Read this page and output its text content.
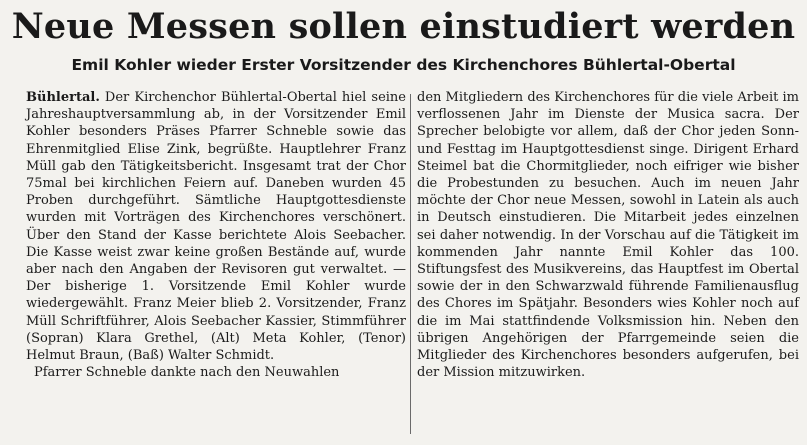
Neue Messen sollen einstudiert werden
Emil Kohler wieder Erster Vorsitzender des Kirchenchores Bühlertal-Obertal

Bühlertal. Der Kirchenchor Bühlertal-Obertal hiel seine Jahreshauptversammlung ab, in der Vorsitzender Emil Kohler besonders Präses Pfarrer Schneble sowie das Ehrenmitglied Elise Zink, begrüßte. Hauptlehrer Franz Müll gab den Tätigkeitsbericht. Insgesamt trat der Chor 75mal bei kirchlichen Feiern auf. Daneben wurden 45 Proben durchgeführt. Sämtliche Hauptgottesdienste wurden mit Vorträgen des Kirchenchores verschönert. Über den Stand der Kasse berichtete Alois Seebacher. Die Kasse weist zwar keine großen Bestände auf, wurde aber nach den Angaben der Revisoren gut verwaltet. — Der bisherige 1. Vorsitzende Emil Kohler wurde wiedergewählt. Franz Meier blieb 2. Vorsitzender, Franz Müll Schriftführer, Alois Seebacher Kassier, Stimmführer (Sopran) Klara Grethel, (Alt) Meta Kohler, (Tenor) Helmut Braun, (Baß) Walter Schmidt.

Pfarrer Schneble dankte nach den Neuwahlen

den Mitgliedern des Kirchenchores für die viele Arbeit im verflossenen Jahr im Dienste der Musica sacra. Der Sprecher belobigte vor allem, daß der Chor jeden Sonn- und Festtag im Hauptgottesdienst singe. Dirigent Erhard Steimel bat die Chormitglieder, noch eifriger wie bisher die Probestunden zu besuchen. Auch im neuen Jahr möchte der Chor neue Messen, sowohl in Latein als auch in Deutsch einstudieren. Die Mitarbeit jedes einzelnen sei daher notwendig. In der Vorschau auf die Tätigkeit im kommenden Jahr nannte Emil Kohler das 100. Stiftungsfest des Musikvereins, das Hauptfest im Obertal sowie der in den Schwarzwald führende Familienausflug des Chores im Spätjahr. Besonders wies Kohler noch auf die im Mai stattfindende Volksmission hin. Neben den übrigen Angehörigen der Pfarrgemeinde seien die Mitglieder des Kirchenchores besonders aufgerufen, bei der Mission mitzuwirken.
